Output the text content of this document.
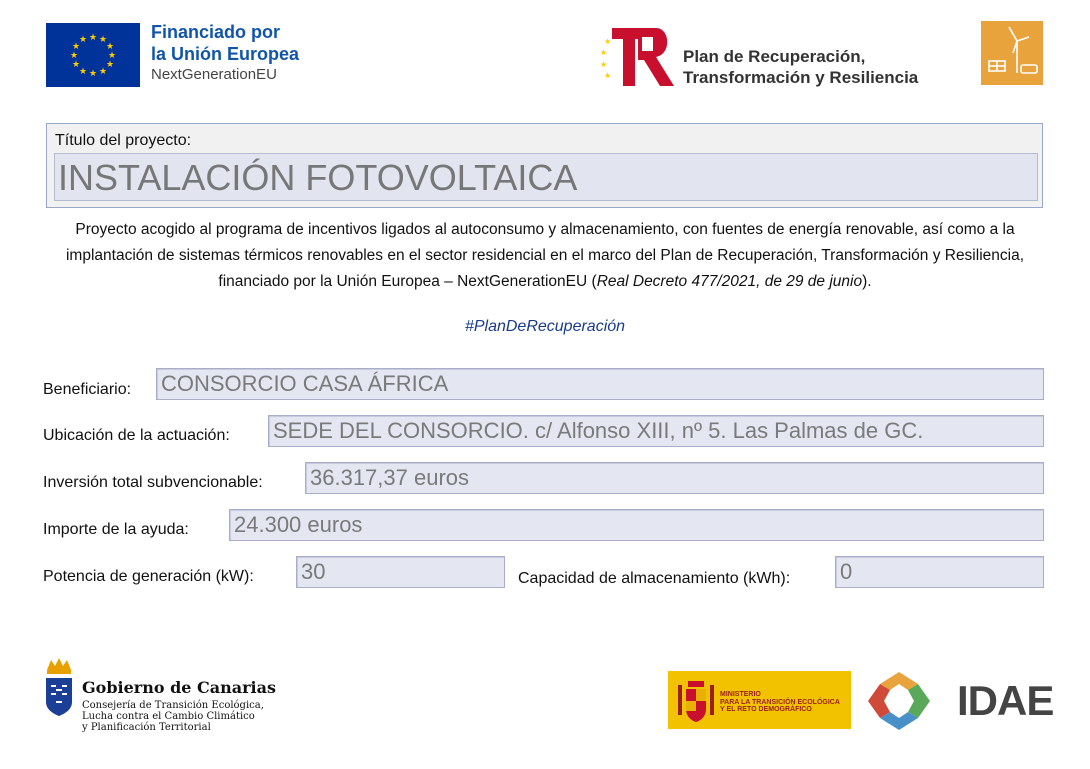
★ ★
★
★
★
★
★
★
★
★
★
★	Financiado por
la Unión Europea
NextGenerationEU
★
★
★
★
Plan de Recuperación,
Transformación y Resiliencia
Título del proyecto:
INSTALACIÓN FOTOVOLTAICA
Proyecto acogido al programa de incentivos ligados al autoconsumo y almacenamiento, con fuentes de energía renovable, así como a la implantación de sistemas térmicos renovables en el sector residencial en el marco del Plan de Recuperación, Transformación y Resiliencia, financiado por la Unión Europea – NextGenerationEU (Real Decreto 477/2021, de 29 de junio).
#PlanDeRecuperación
Beneficiario: CONSORCIO CASA ÁFRICA
Ubicación de la actuación: SEDE DEL CONSORCIO. c/ Alfonso XIII, nº 5. Las Palmas de GC.
Inversión total subvencionable: 36.317,37 euros
Importe de la ayuda: 24.300 euros
Potencia de generación (kW): 30	Capacidad de almacenamiento (kWh): 0
Gobierno de Canarias
Consejería de Transición Ecológica,
Lucha contra el Cambio Climático
y Planificación Territorial
MINISTERIO
PARA LA TRANSICIÓN ECOLÓGICA
Y EL RETO DEMOGRÁFICO	IDAE
